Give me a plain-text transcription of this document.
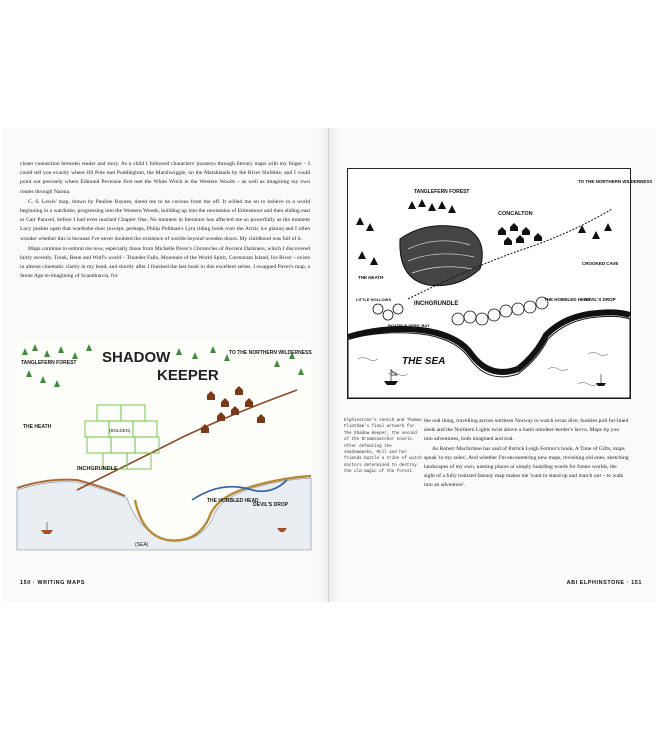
closer connection between reader and story. As a child I followed characters' journeys through literary maps with my finger – I could tell you exactly where Jill Pole met Puddleglum, the Marshwiggle, on the Marshlands by the River Shribble, and I could point out precisely where Edmund Pevensie first met the White Witch in the Western Woods – as well as imagining my own routes through Narnia.

C. S. Lewis' map, drawn by Pauline Baynes, dared me to be curious from the off. It willed me on to believe in a world beginning in a wardrobe, progressing into the Western Woods, building up into the mountains of Ettinsmoor and then sliding east to Cair Paravel, before I had even reached Chapter One. No moment in literature has affected me so powerfully as the moment Lucy pushes open that wardrobe door (except, perhaps, Philip Pullman's Lyra riding Iorek over the Arctic ice plains) and I often wonder whether this is because I've never doubted the existence of worlds beyond wooden doors. My childhood was full of it.

Maps continue to enthral me now, especially those from Michelle Paver's Chronicles of Ancient Darkness, which I discovered fairly recently. Torak, Renn and Wolf's world – Thunder Falls, Mountain of the World Spirit, Cormorant Island, Ice River – exists in almost cinematic clarity in my head, and shortly after I finished the last book in this excellent series, I swapped Paver's map, a Stone Age re-imagining of Scandinavia, for

SHADOW
KEEPER
TANGLEFERN FOREST
TO THE NORTHERN WILDERNESS
THE HEATH
INCHGRUNDLE
THE HOBBLED HEAD
DEVIL'S DROP
(BOLDEN)
(SEA)
150 · WRITING MAPS
TANGLEFERN FOREST
TO THE NORTHERN WILDERNESS
CONCALTON
THE HEATH
INCHGRUNDLE
LITTLE HOLLOWS
BOATBUILDERS' BAY
CROOKED CAVE
THE HOBBLED HEAD
DEVIL'S DROP
THE SEA
Elphinstone's sketch and Thomas Flintham's final artwork for The Shadow Keeper, the second of the Dreamsnatcher novels. After defeating the shadowmasks, Moll and her friends battle a tribe of witch doctors determined to destroy the old magic of the forest.

the real thing, travelling across northern Norway to watch orcas dive, huskies pull fur-lined sleds and the Northern Lights twist above a Sami reindeer-herder's lavvu. Maps tip you into adventures, both imagined and real.

As Robert Macfarlane has said of Patrick Leigh Fermor's book, A Time of Gifts, maps speak 'to my soles'. And whether I'm encountering new maps, revisiting old ones, sketching landscapes of my own, naming places or simply hoarding words for future worlds, the sight of a fully realized fantasy map makes me 'want to stand up and march out – to walk into an adventure'.

ABI ELPHINSTONE · 151
